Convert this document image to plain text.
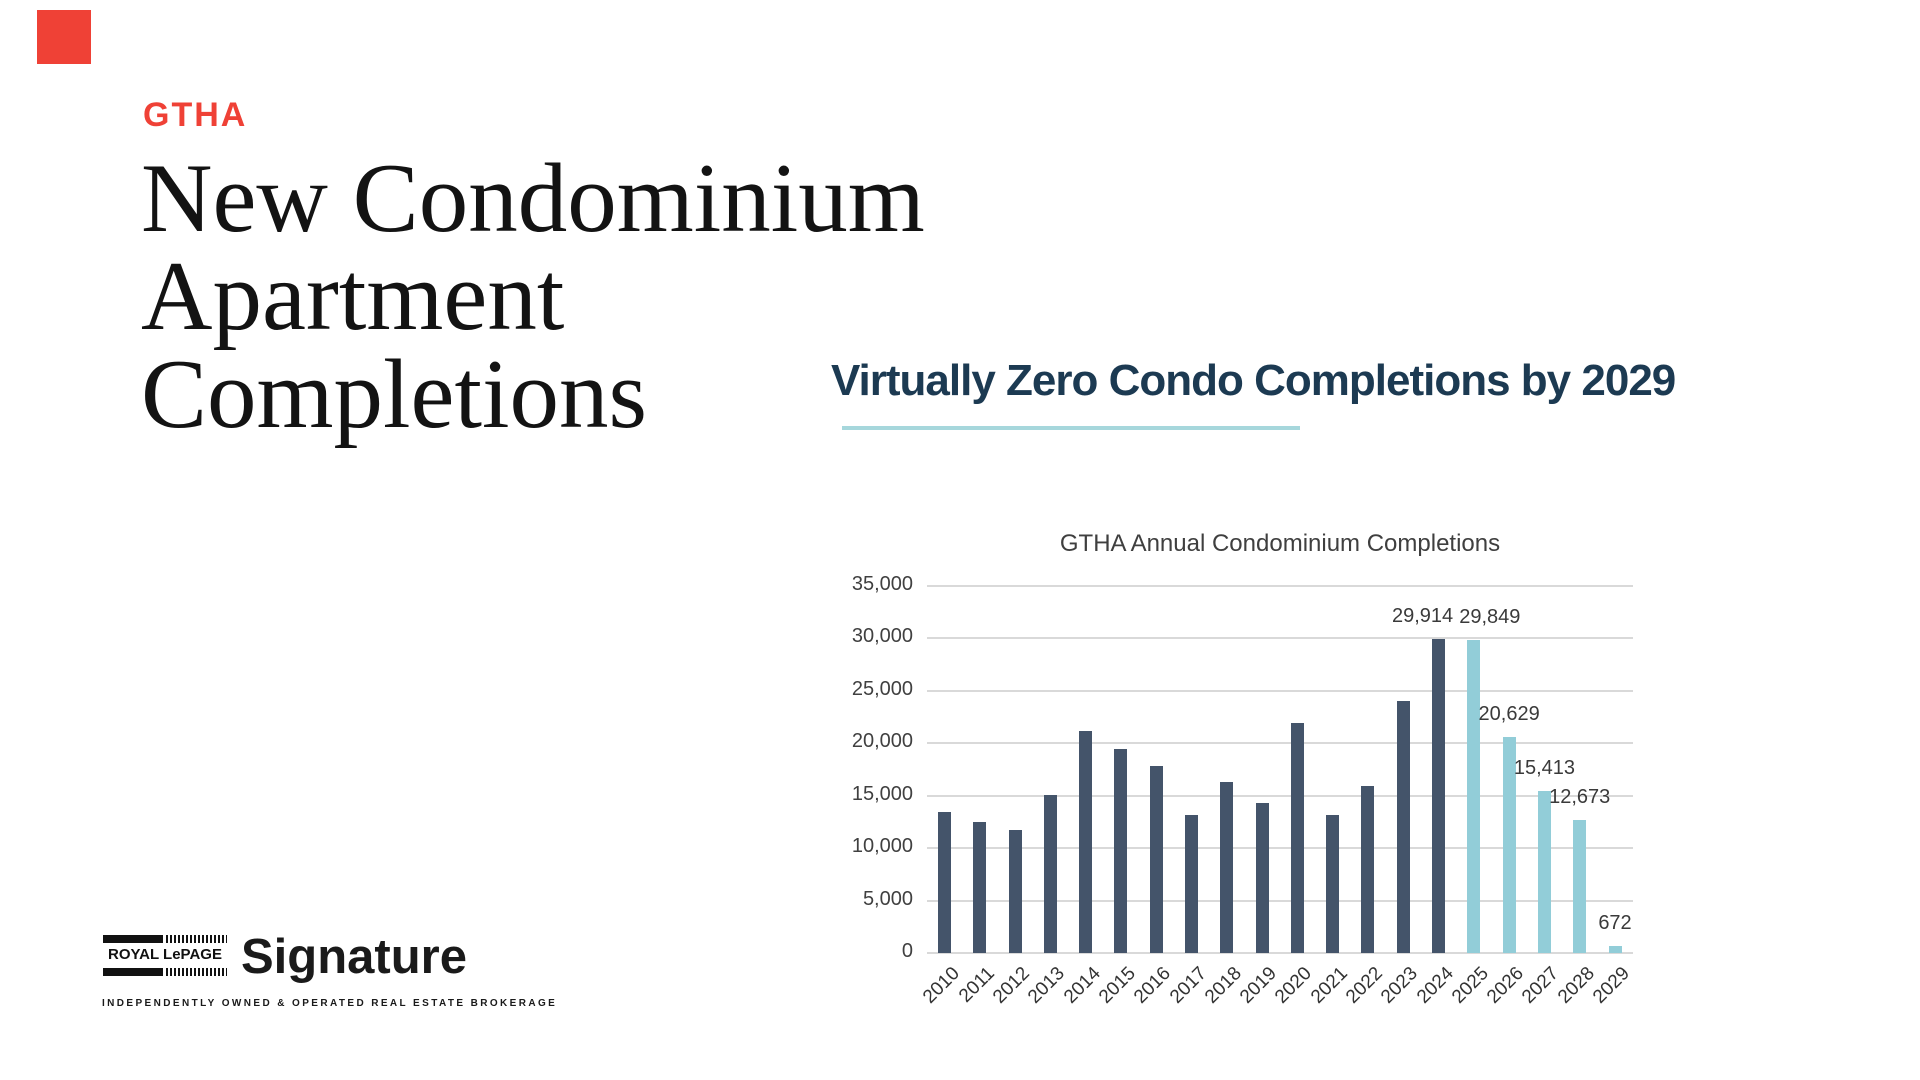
GTHA
New Condominium
Apartment
Completions	Virtually Zero Condo Completions by 2029
GTHA Annual Condominium Completions
0
5,000
10,000
15,000
20,000
25,000
30,000
35,000
2010
2011
2012
2013
2014
2015
2016
2017
2018
2019
2020
2021
2022
2023
29,914
2024
29,849
2025
20,629
2026
15,413
2027
12,673
2028
672
2029
ROYAL LePAGE Signature
INDEPENDENTLY OWNED & OPERATED REAL ESTATE BROKERAGE
